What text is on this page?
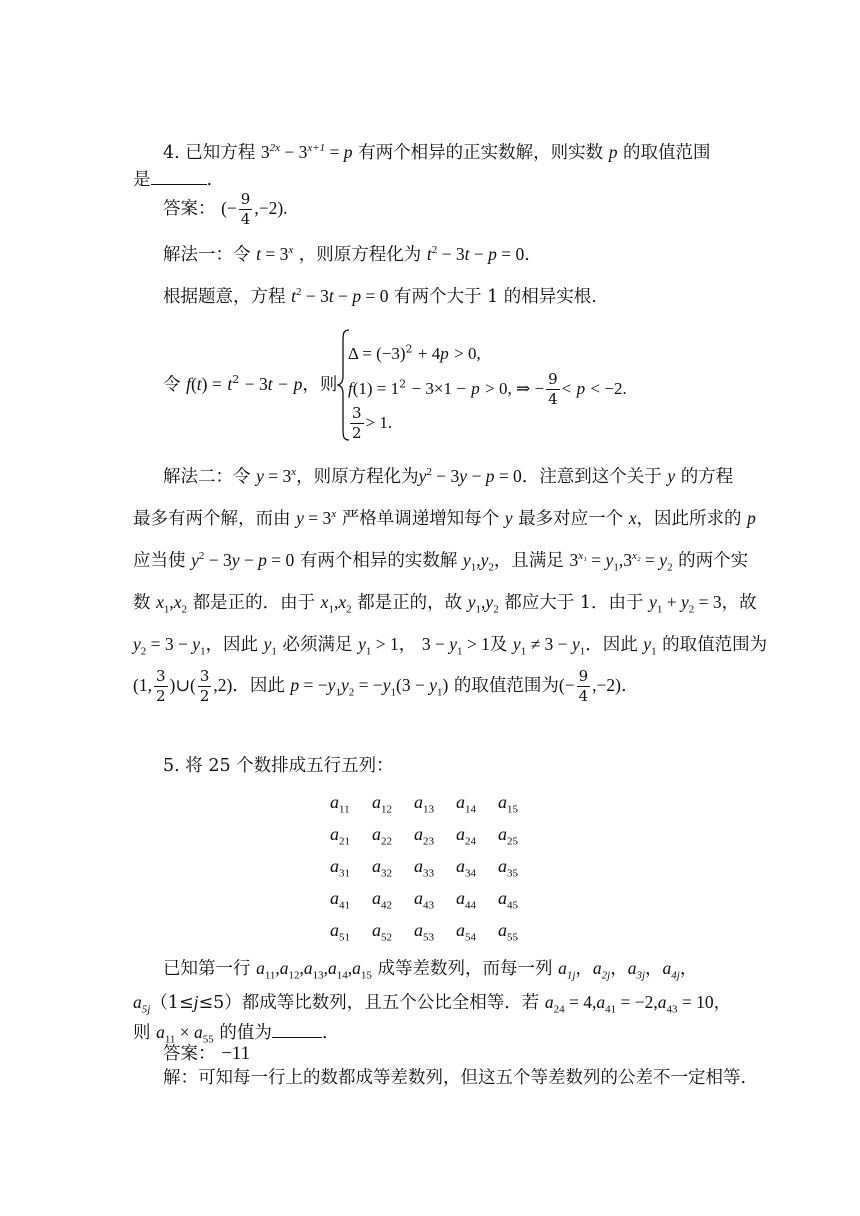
4. 已知方程 $3^{2x} - 3^{x+1} = p$ 有两个相异的正实数解，则实数 p 的取值范围
是	.
答案： (− $\frac{9}{4} ,-2$).
解法一：令 $t = 3^x$ ，则原方程化为 $t^2 - 3t - p = 0$.
根据题意，方程 $t^2 - 3t - p = 0$ 有两个大于 1 的相异实根.
令 $f(t) = t^2 - 3t - p$，则
$\Delta = (-3)^2 + 4p > 0$,
$f(1) = 1^2 - 3\times 1 - p > 0$, ⇒ − $\frac{9}{4} < p < -2$.
$\frac{3}{2} > 1$.
解法二：令 $y = 3^x$，则原方程化为$y^2 - 3y - p = 0$．注意到这个关于 y 的方程
最多有两个解，而由 $y = 3^x$ 严格单调递增知每个 y 最多对应一个 x，因此所求的 p
应当使 $y^2 - 3y - p = 0$ 有两个相异的实数解 $y_1,y_2$，且满足 $3^{x_1} = y_1,3^{x_2} = y_2$ 的两个实
数 $x_1,x_2$ 都是正的．由于 $x_1,x_2$ 都是正的，故 $y_1,y_2$ 都应大于 1．由于 $y_1 + y_2 = 3$，故
$y_2 = 3 - y_1$，因此 $y_1$ 必须满足 $y_1 > 1$， $3 - y_1 > 1$及 $y_1 \ne 3 - y_1$．因此 $y_1$ 的取值范围为
(1, $\frac{3}{2}$ )∪( $\frac{3}{2} ,2$)．因此 $p = -y_1y_2 = -y_1(3 - y_1)$ 的取值范围为(− $\frac{9}{4} ,-2$).
5. 将 25 个数排成五行五列：
$a_{11}$ $a_{12}$ $a_{13}$ $a_{14}$ $a_{15}$
$a_{21}$ $a_{22}$ $a_{23}$ $a_{24}$ $a_{25}$
$a_{31}$ $a_{32}$ $a_{33}$ $a_{34}$ $a_{35}$
$a_{41}$ $a_{42}$ $a_{43}$ $a_{44}$ $a_{45}$
$a_{51}$ $a_{52}$ $a_{53}$ $a_{54}$ $a_{55}$
已知第一行 $a_{11},a_{12},a_{13},a_{14},a_{15}$ 成等差数列，而每一列 $a_{1j}$，$a_{2j}$，$a_{3j}$，$a_{4j}$，
$a_{5j}(1\le j\le 5)$都成等比数列，且五个公比全相等．若 $a_{24} = 4,a_{41} = -2,a_{43} = 10$，
则 $a_{11} \times a_{55}$ 的值为	.
答案： −11
解：可知每一行上的数都成等差数列，但这五个等差数列的公差不一定相等.
